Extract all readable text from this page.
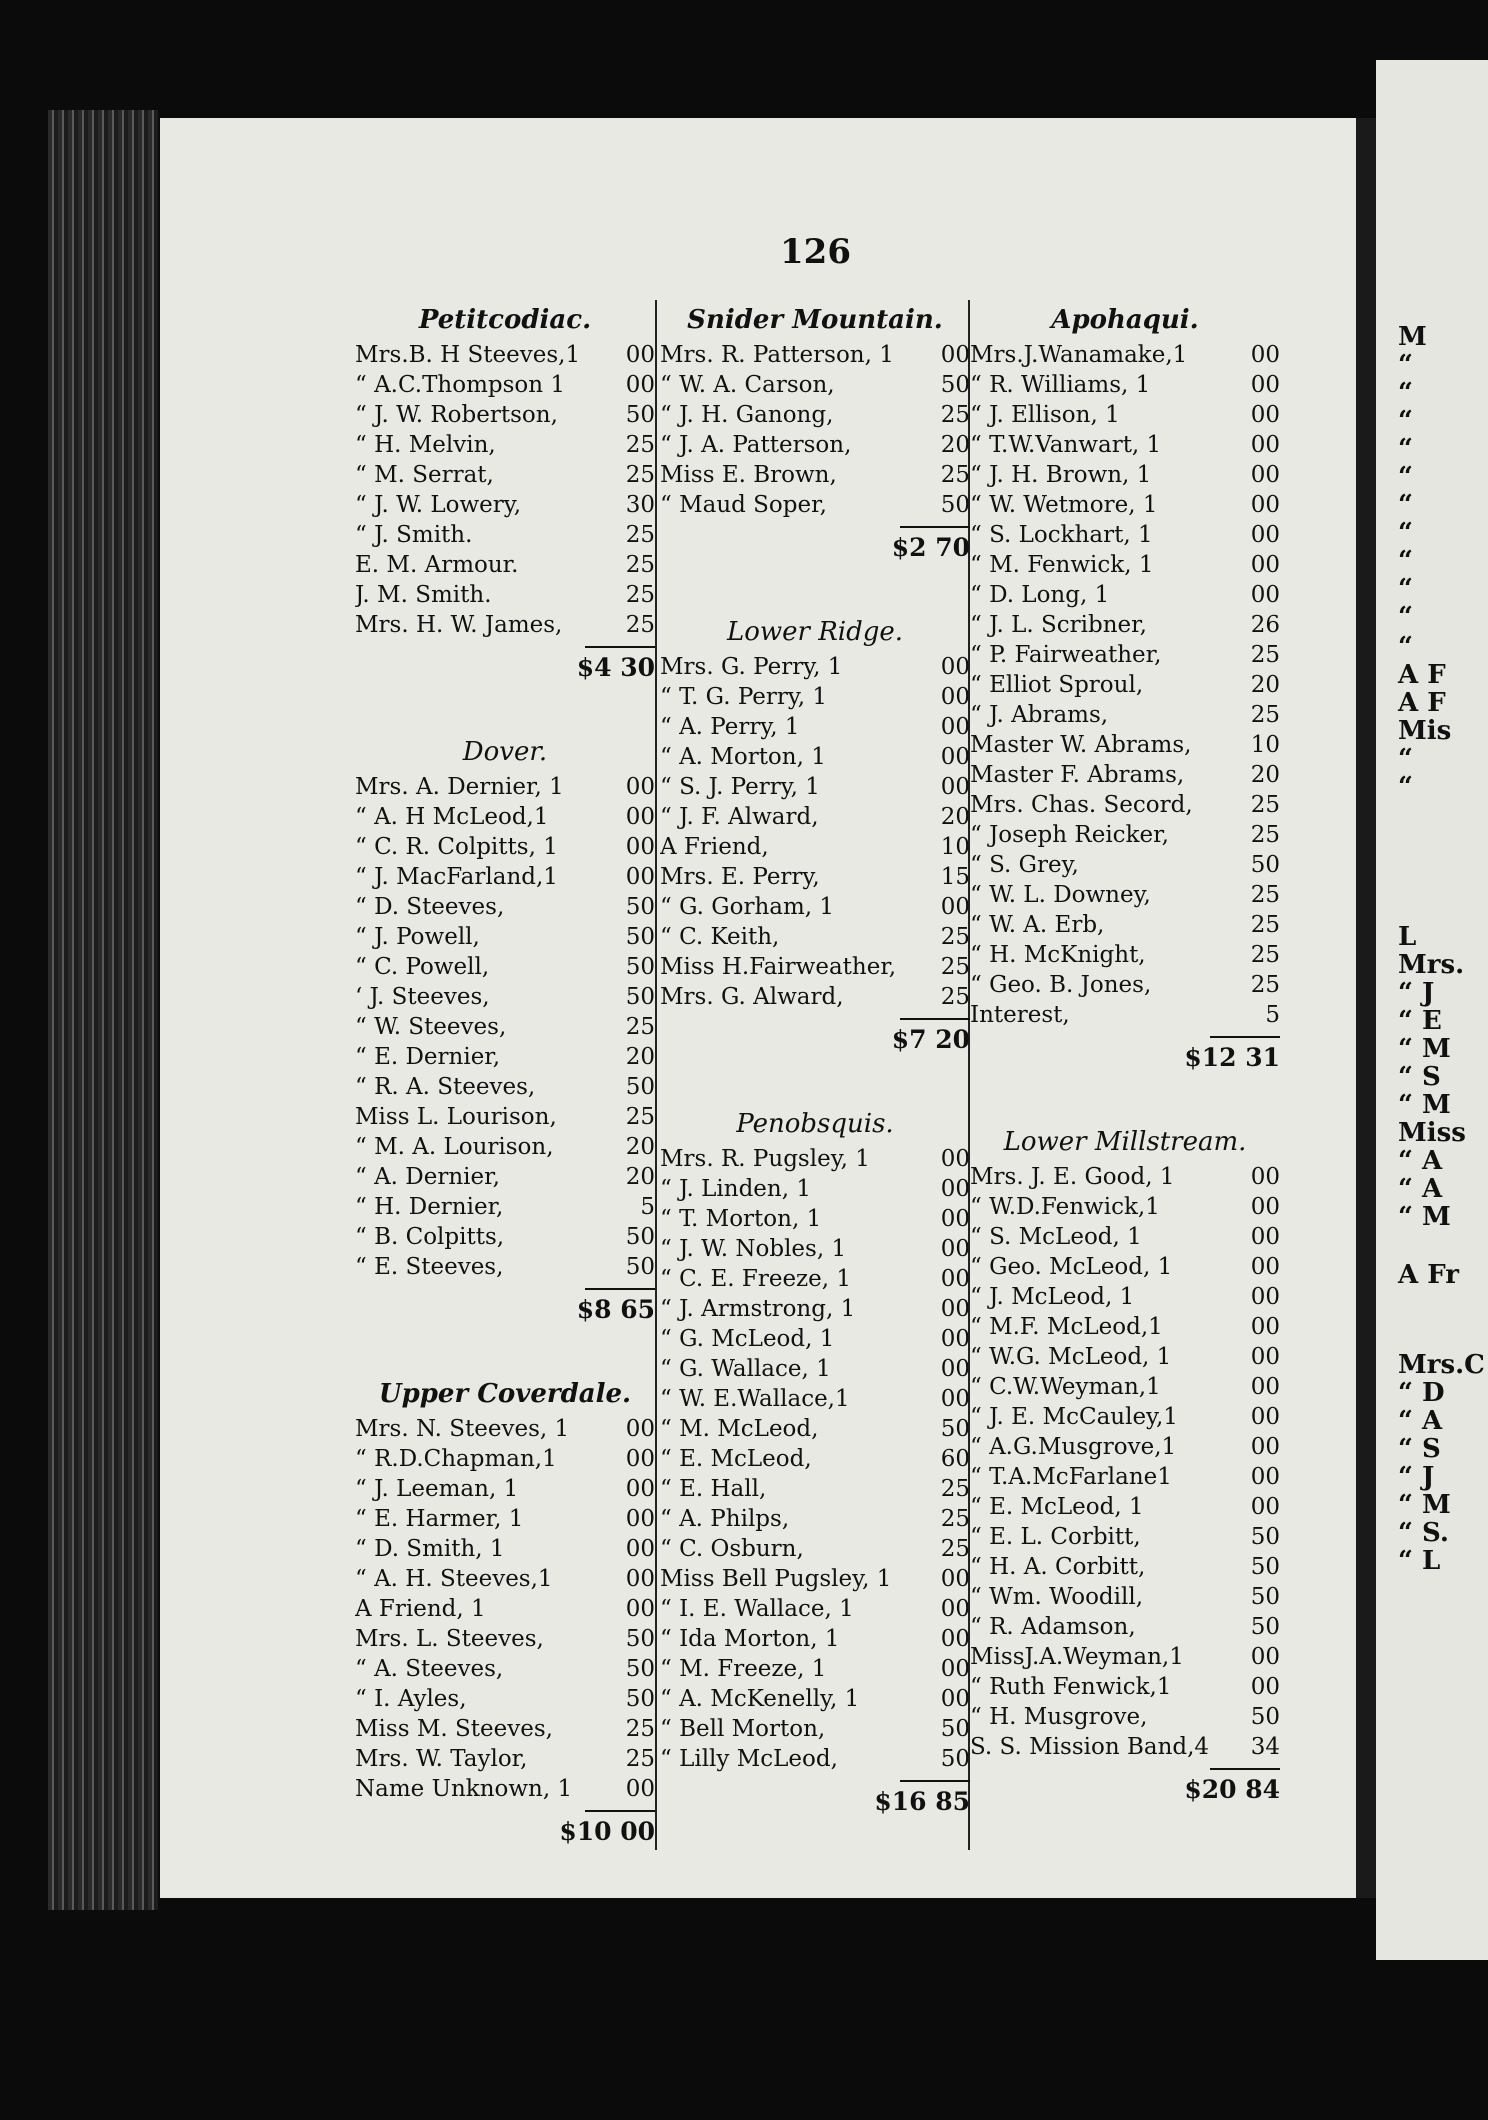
M
“
“
“
“
“
“
“
“
“
“
“
A F
A F
Mis
“
“
L
Mrs.
“ J
“ E
“ M
“ S
“ M
Miss
“ A
“ A
“ M
A Fr
Mrs.C
“ D
“ A
“ S
“ J
“ M
“ S.
“ L
126
Petitcodiac.
Mrs.B. H Steeves,1 00
“ A.C.Thompson 1	00
“ J. W. Robertson,	50
“ H. Melvin,	25
“ M. Serrat,	25
“ J. W. Lowery,	30
“ J. Smith.	25
E. M. Armour.	25
J. M. Smith.	25
Mrs. H. W. James,	25
$4 30
Dover.
Mrs. A. Dernier, 1	00
“ A. H McLeod,1	00
“ C. R. Colpitts, 1	00
“ J. MacFarland,1	00
“ D. Steeves,	50
“ J. Powell,	50
“ C. Powell,	50
‘ J. Steeves,	50
“ W. Steeves,	25
“ E. Dernier,	20
“ R. A. Steeves,	50
Miss L. Lourison,	25
“ M. A. Lourison,	20
“ A. Dernier,	20
“ H. Dernier,	5
“ B. Colpitts,	50
“ E. Steeves,	50
$8 65
Upper Coverdale.
Mrs. N. Steeves, 1 00
“ R.D.Chapman,1	00
“ J. Leeman, 1	00
“ E. Harmer, 1	00
“ D. Smith, 1	00
“ A. H. Steeves,1	00
A Friend, 1	00
Mrs. L. Steeves,	50
“ A. Steeves,	50
“ I. Ayles,	50
Miss M. Steeves,	25
Mrs. W. Taylor,	25
Name Unknown, 1 00
$10 00
Snider Mountain.
Mrs. R. Patterson, 1 00
“ W. A. Carson,	50
“ J. H. Ganong,	25
“ J. A. Patterson,	20
Miss E. Brown,	25
“ Maud Soper,	50
$2 70
Lower Ridge.
Mrs. G. Perry, 1	00
“ T. G. Perry, 1	00
“ A. Perry, 1	00
“ A. Morton, 1	00
“ S. J. Perry, 1	00
“ J. F. Alward,	20
A Friend,	10
Mrs. E. Perry,	15
“ G. Gorham, 1	00
“ C. Keith,	25
Miss H.Fairweather, 25
Mrs. G. Alward,	25
$7 20
Penobsquis.
Mrs. R. Pugsley, 1	00
“ J. Linden, 1	00
“ T. Morton, 1	00
“ J. W. Nobles, 1	00
“ C. E. Freeze, 1	00
“ J. Armstrong, 1	00
“ G. McLeod, 1	00
“ G. Wallace, 1	00
“ W. E.Wallace,1	00
“ M. McLeod,	50
“ E. McLeod,	60
“ E. Hall,	25
“ A. Philps,	25
“ C. Osburn,	25
Miss Bell Pugsley, 1 00
“ I. E. Wallace, 1	00
“ Ida Morton, 1	00
“ M. Freeze, 1	00
“ A. McKenelly, 1	00
“ Bell Morton,	50
“ Lilly McLeod,	50
$16 85
Apohaqui.
Mrs.J.Wanamake,1	00
“ R. Williams, 1	00
“ J. Ellison, 1	00
“ T.W.Vanwart, 1	00
“ J. H. Brown, 1	00
“ W. Wetmore, 1	00
“ S. Lockhart, 1	00
“ M. Fenwick, 1	00
“ D. Long, 1	00
“ J. L. Scribner,	26
“ P. Fairweather,	25
“ Elliot Sproul,	20
“ J. Abrams,	25
Master W. Abrams,	10
Master F. Abrams,	20
Mrs. Chas. Secord,	25
“ Joseph Reicker,	25
“ S. Grey,	50
“ W. L. Downey,	25
“ W. A. Erb,	25
“ H. McKnight,	25
“ Geo. B. Jones,	25
Interest,	5
$12 31
Lower Millstream.
Mrs. J. E. Good, 1	00
“ W.D.Fenwick,1	00
“ S. McLeod, 1	00
“ Geo. McLeod, 1	00
“ J. McLeod, 1	00
“ M.F. McLeod,1	00
“ W.G. McLeod, 1	00
“ C.W.Weyman,1	00
“ J. E. McCauley,1	00
“ A.G.Musgrove,1	00
“ T.A.McFarlane1	00
“ E. McLeod, 1	00
“ E. L. Corbitt,	50
“ H. A. Corbitt,	50
“ Wm. Woodill,	50
“ R. Adamson,	50
MissJ.A.Weyman,1	00
“ Ruth Fenwick,1	00
“ H. Musgrove,	50
S. S. Mission Band,4 34
$20 84
